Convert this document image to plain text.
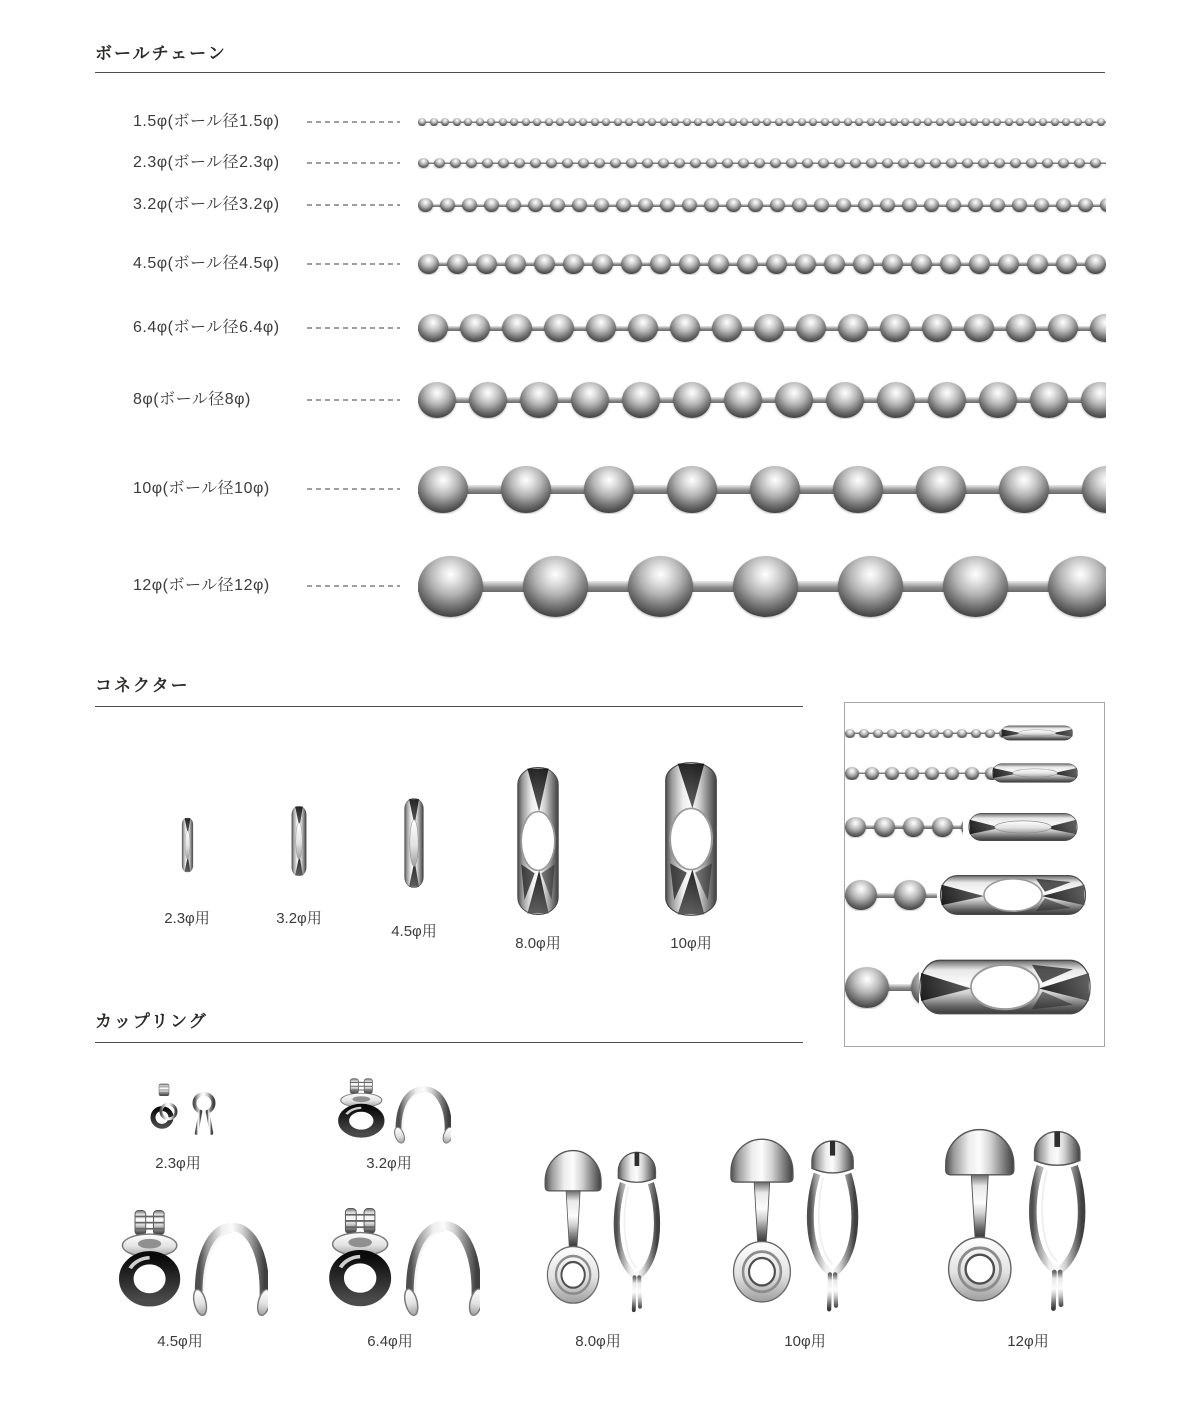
ボールチェーン
1.5φ(ボール径1.5φ)
2.3φ(ボール径2.3φ)
3.2φ(ボール径3.2φ)
4.5φ(ボール径4.5φ)
6.4φ(ボール径6.4φ)
8φ(ボール径8φ)
10φ(ボール径10φ)
12φ(ボール径12φ)
コネクター
2.3φ用	3.2φ用
4.5φ用
8.0φ用	10φ用
カップリング
2.3φ用	3.2φ用
4.5φ用	6.4φ用	8.0φ用	10φ用	12φ用
